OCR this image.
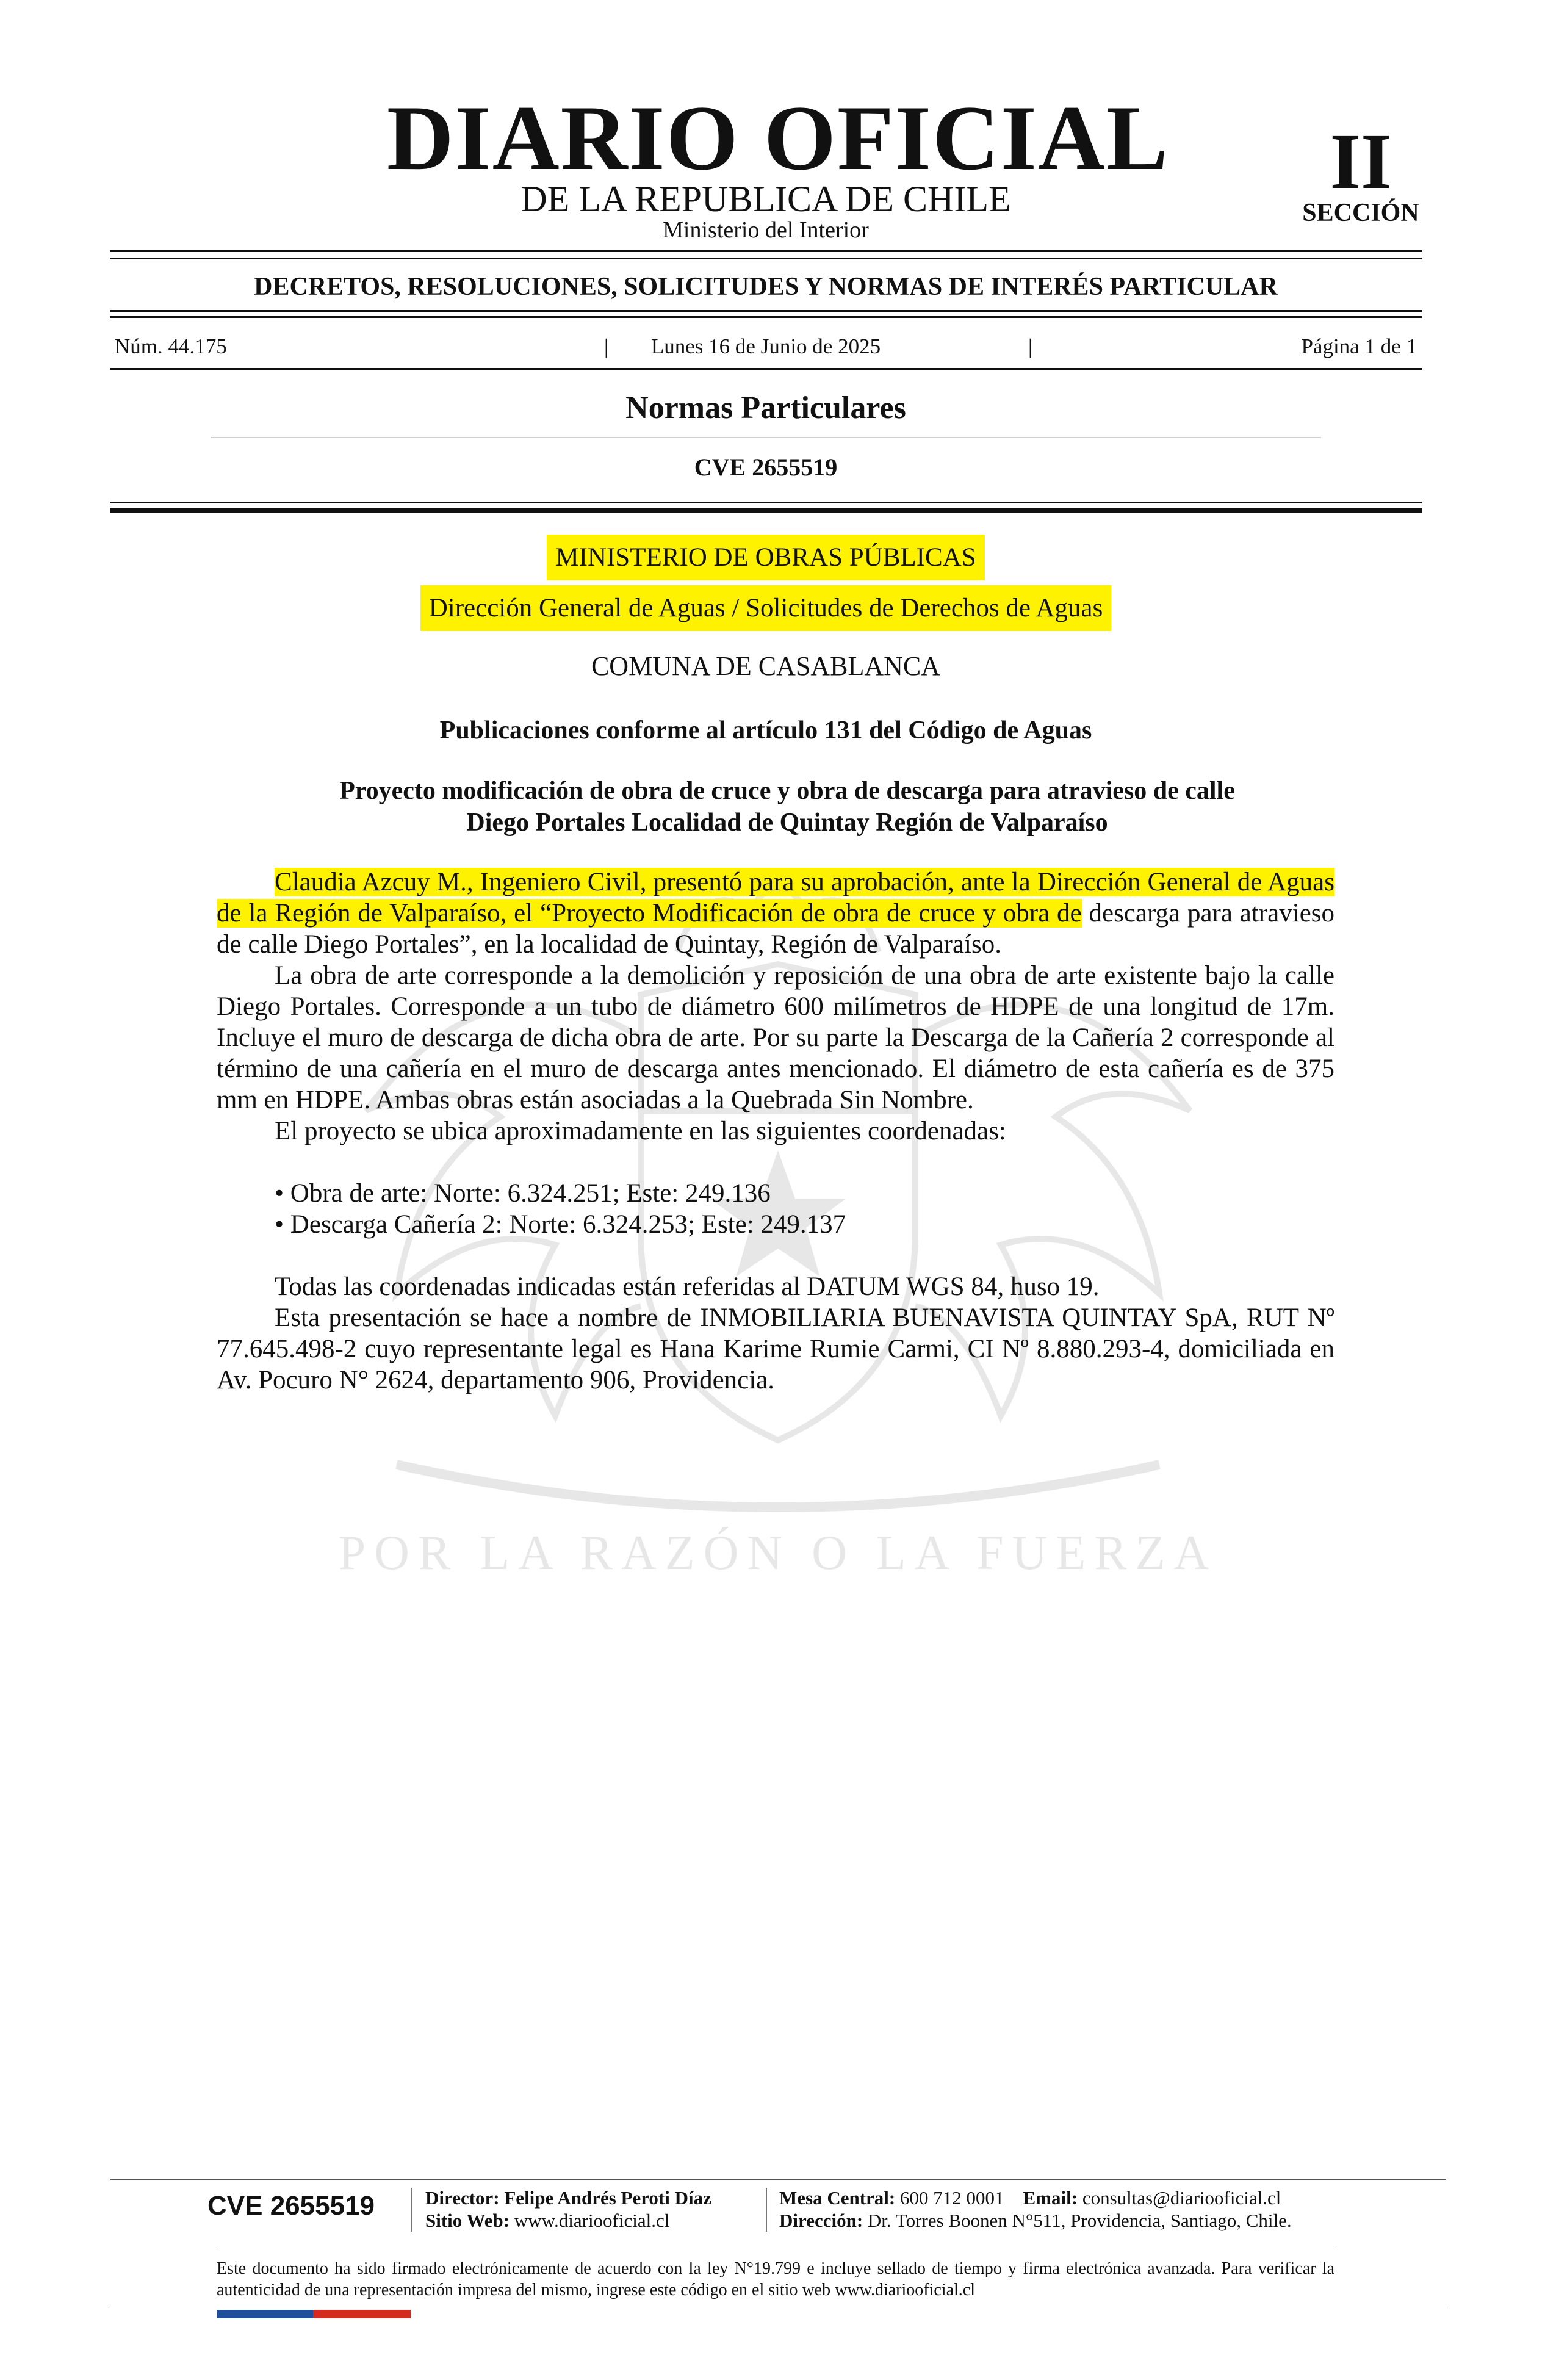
POR LA RAZÓN O LA FUERZA
DIARIO OFICIAL
DE LA REPUBLICA DE CHILE
Ministerio del Interior
II
SECCIÓN
DECRETOS, RESOLUCIONES, SOLICITUDES Y NORMAS DE INTERÉS PARTICULAR
Núm. 44.175	|	Lunes 16 de Junio de 2025	|	Página 1 de 1
Normas Particulares
CVE 2655519
MINISTERIO DE OBRAS PÚBLICAS
Dirección General de Aguas / Solicitudes de Derechos de Aguas
COMUNA DE CASABLANCA
Publicaciones conforme al artículo 131 del Código de Aguas
Proyecto modificación de obra de cruce y obra de descarga para atravieso de calle
Diego Portales Localidad de Quintay Región de Valparaíso

Claudia Azcuy M., Ingeniero Civil, presentó para su aprobación, ante la Dirección General de Aguas de la Región de Valparaíso, el “Proyecto Modificación de obra de cruce y obra de descarga para atravieso de calle Diego Portales”, en la localidad de Quintay, Región de Valparaíso.

La obra de arte corresponde a la demolición y reposición de una obra de arte existente bajo la calle Diego Portales. Corresponde a un tubo de diámetro 600 milímetros de HDPE de una longitud de 17m. Incluye el muro de descarga de dicha obra de arte. Por su parte la Descarga de la Cañería 2 corresponde al término de una cañería en el muro de descarga antes mencionado. El diámetro de esta cañería es de 375 mm en HDPE. Ambas obras están asociadas a la Quebrada Sin Nombre.

El proyecto se ubica aproximadamente en las siguientes coordenadas:

• Obra de arte: Norte: 6.324.251; Este: 249.136
• Descarga Cañería 2: Norte: 6.324.253; Este: 249.137

Todas las coordenadas indicadas están referidas al DATUM WGS 84, huso 19.

Esta presentación se hace a nombre de INMOBILIARIA BUENAVISTA QUINTAY SpA, RUT Nº 77.645.498-2 cuyo representante legal es Hana Karime Rumie Carmi, CI Nº 8.880.293-4, domiciliada en Av. Pocuro N° 2624, departamento 906, Providencia.

CVE 2655519	Director: Felipe Andrés Peroti Díaz
Sitio Web: www.diariooficial.cl
Mesa Central: 600 712 0001 Email: consultas@diariooficial.cl
Dirección: Dr. Torres Boonen N°511, Providencia, Santiago, Chile.
Este documento ha sido firmado electrónicamente de acuerdo con la ley N°19.799 e incluye sellado de tiempo y firma electrónica avanzada. Para verificar la autenticidad de una representación impresa del mismo, ingrese este código en el sitio web www.diariooficial.cl
